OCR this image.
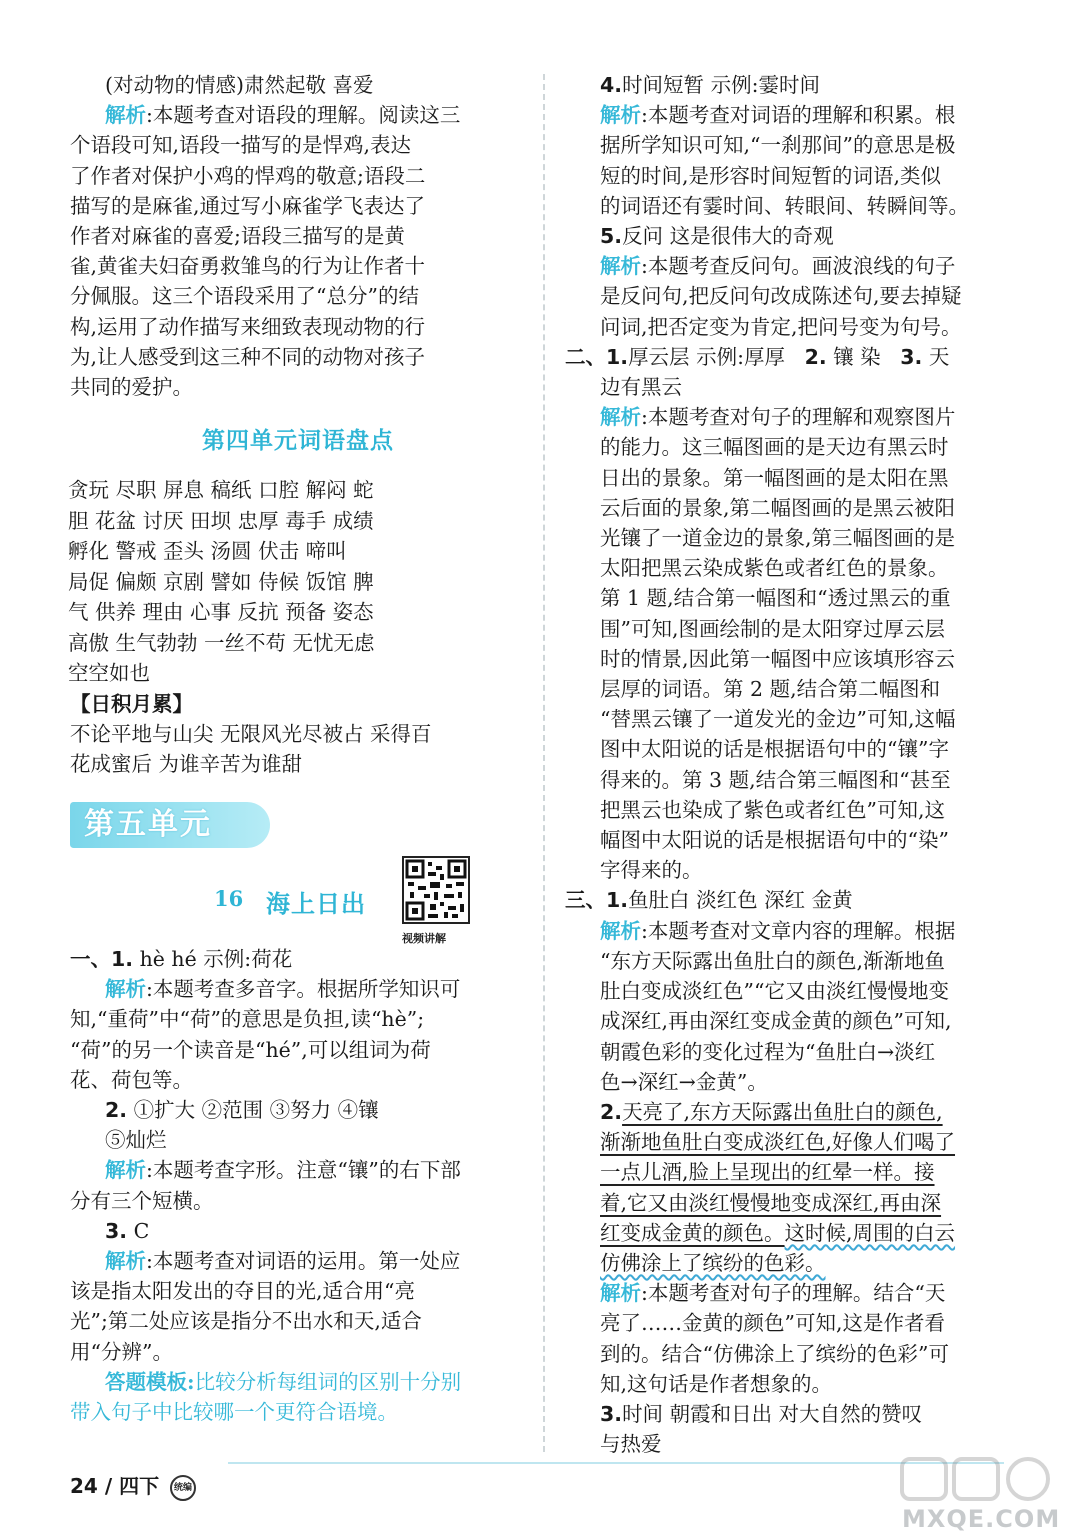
(对动物的情感)肃然起敬 喜爱

解析:本题考查对语段的理解。阅读这三

个语段可知,语段一描写的是悍鸡,表达

了作者对保护小鸡的悍鸡的敬意;语段二

描写的是麻雀,通过写小麻雀学飞表达了

作者对麻雀的喜爱;语段三描写的是黄

雀,黄雀夫妇奋勇救雏鸟的行为让作者十

分佩服。这三个语段采用了“总分”的结

构,运用了动作描写来细致表现动物的行

为,让人感受到这三种不同的动物对孩子

共同的爱护。

第四单元词语盘点

贪玩 尽职 屏息 稿纸 口腔 解闷 蛇

胆 花盆 讨厌 田坝 忠厚 毒手 成绩

孵化 警戒 歪头 汤圆 伏击 啼叫

局促 偏颇 京剧 譬如 侍候 饭馆 脾

气 供养 理由 心事 反抗 预备 姿态

高傲 生气勃勃 一丝不苟 无忧无虑

空空如也

【日积月累】

不论平地与山尖 无限风光尽被占 采得百

花成蜜后 为谁辛苦为谁甜

第五单元
16 海上日出
视频讲解

一、1. hè hé 示例:荷花

解析:本题考查多音字。根据所学知识可

知,“重荷”中“荷”的意思是负担,读“hè”;

“荷”的另一个读音是“hé”,可以组词为荷

花、荷包等。

2. ①扩大 ②范围 ③努力 ④镶

⑤灿烂

解析:本题考查字形。注意“镶”的右下部

分有三个短横。

3. C

解析:本题考查对词语的运用。第一处应

该是指太阳发出的夺目的光,适合用“亮

光”;第二处应该是指分不出水和天,适合

用“分辨”。

答题模板:比较分析每组词的区别十分别

带入句子中比较哪一个更符合语境。

4.时间短暂 示例:霎时间

解析:本题考查对词语的理解和积累。根

据所学知识可知,“一刹那间”的意思是极

短的时间,是形容时间短暂的词语,类似

的词语还有霎时间、转眼间、转瞬间等。

5.反问 这是很伟大的奇观

解析:本题考查反问句。画波浪线的句子

是反问句,把反问句改成陈述句,要去掉疑

问词,把否定变为肯定,把问号变为句号。

二、1.厚云层 示例:厚厚 2. 镶 染 3. 天

边有黑云

解析:本题考查对句子的理解和观察图片

的能力。这三幅图画的是天边有黑云时

日出的景象。第一幅图画的是太阳在黑

云后面的景象,第二幅图画的是黑云被阳

光镶了一道金边的景象,第三幅图画的是

太阳把黑云染成紫色或者红色的景象。

第 1 题,结合第一幅图和“透过黑云的重

围”可知,图画绘制的是太阳穿过厚云层

时的情景,因此第一幅图中应该填形容云

层厚的词语。第 2 题,结合第二幅图和

“替黑云镶了一道发光的金边”可知,这幅

图中太阳说的话是根据语句中的“镶”字

得来的。第 3 题,结合第三幅图和“甚至

把黑云也染成了紫色或者红色”可知,这

幅图中太阳说的话是根据语句中的“染”

字得来的。

三、1.鱼肚白 淡红色 深红 金黄

解析:本题考查对文章内容的理解。根据

“东方天际露出鱼肚白的颜色,渐渐地鱼

肚白变成淡红色”“它又由淡红慢慢地变

成深红,再由深红变成金黄的颜色”可知,

朝霞色彩的变化过程为“鱼肚白→淡红

色→深红→金黄”。

2.天亮了,东方天际露出鱼肚白的颜色,

渐渐地鱼肚白变成淡红色,好像人们喝了

一点儿酒,脸上呈现出的红晕一样。接

着,它又由淡红慢慢地变成深红,再由深

红变成金黄的颜色。这时候,周围的白云

仿佛涂上了缤纷的色彩。

解析:本题考查对句子的理解。结合“天

亮了……金黄的颜色”可知,这是作者看

到的。结合“仿佛涂上了缤纷的色彩”可

知,这句话是作者想象的。

3.时间 朝霞和日出 对大自然的赞叹

与热爱

24 / 四下 统编
MXQE.COM
